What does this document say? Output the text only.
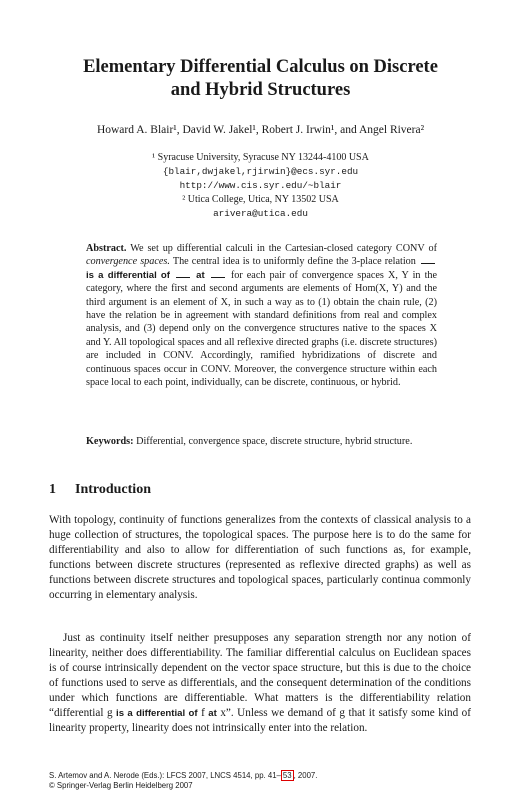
Elementary Differential Calculus on Discrete
and Hybrid Structures
Howard A. Blair¹, David W. Jakel¹, Robert J. Irwin¹, and Angel Rivera²
¹ Syracuse University, Syracuse NY 13244-4100 USA
{blair,dwjakel,rjirwin}@ecs.syr.edu
http://www.cis.syr.edu/~blair
² Utica College, Utica, NY 13502 USA
arivera@utica.edu
Abstract. We set up differential calculi in the Cartesian-closed category CONV of convergence spaces. The central idea is to uniformly define the 3-place relation  is a differential of	at  for each pair of convergence spaces X, Y in the category, where the first and second arguments are elements of Hom(X, Y) and the third argument is an element of X, in such a way as to (1) obtain the chain rule, (2) have the relation be in agreement with standard definitions from real and complex analysis, and (3) depend only on the convergence structures native to the spaces X and Y. All topological spaces and all reflexive directed graphs (i.e. discrete structures) are included in CONV. Accordingly, ramified hybridizations of discrete and continuous spaces occur in CONV. Moreover, the convergence structure within each space local to each point, individually, can be discrete, continuous, or hybrid.
Keywords: Differential, convergence space, discrete structure, hybrid structure.
1 Introduction
With topology, continuity of functions generalizes from the contexts of classical analysis to a huge collection of structures, the topological spaces. The purpose here is to do the same for differentiability and also to allow for differentiation of such functions as, for example, functions between discrete structures (represented as reflexive directed graphs) as well as functions between discrete structures and topological spaces, particularly continua commonly occurring in elementary analysis.
Just as continuity itself neither presupposes any separation strength nor any notion of linearity, neither does differentiability. The familiar differential calculus on Euclidean spaces is of course intrinsically dependent on the vector space structure, but this is due to the choice of functions used to serve as differentials, and the consequent determination of the conditions under which functions are differentiable. What matters is the differentiability relation “differential g is a differential of f at x”. Unless we demand of g that it satisfy some kind of linearity property, linearity does not intrinsically enter into the relation.
S. Artemov and A. Nerode (Eds.): LFCS 2007, LNCS 4514, pp. 41– 53 , 2007.
© Springer-Verlag Berlin Heidelberg 2007
